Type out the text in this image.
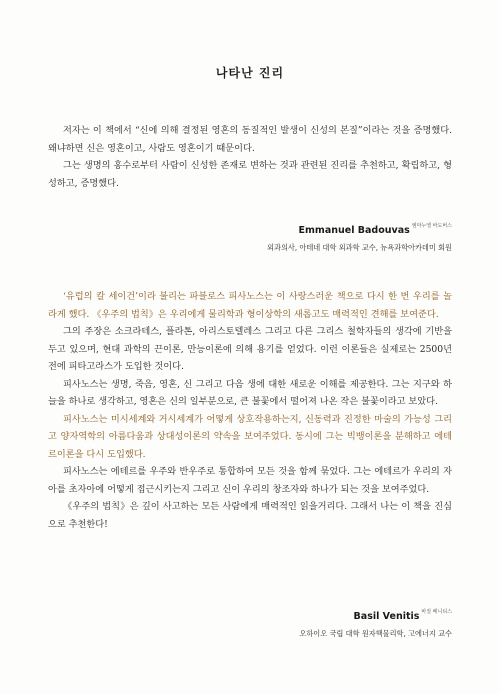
나타난 진리

저자는 이 책에서 “신에 의해 결정된 영혼의 동질적인 발생이 신성의 본질”이라는 것을 증명했다. 왜냐하면 신은 영혼이고, 사람도 영혼이기 때문이다.

그는 생명의 홍수로부터 사람이 신성한 존재로 변하는 것과 관련된 진리를 추천하고, 확립하고, 형성하고, 증명했다.

Emmanuel Badouvas $^{엠마누엘 바도버스}$
외과의사, 아테네 대학 외과학 교수, 뉴욕과학아카데미 회원

‘유럽의 칼 세이건’이라 불리는 파블로스 피사노스는 이 사랑스러운 책으로 다시 한 번 우리를 놀라게 했다. 《우주의 법칙》은 우리에게 물리학과 형이상학의 새롭고도 매력적인 견해를 보여준다.

그의 주장은 소크라테스, 플라톤, 아리스토텔레스 그리고 다른 그리스 철학자들의 생각에 기반을 두고 있으며, 현대 과학의 끈이론, 만능이론에 의해 용기를 얻었다. 이런 이론들은 실제로는 2500년 전에 피타고라스가 도입한 것이다.

피사노스는 생명, 죽음, 영혼, 신 그리고 다음 생에 대한 새로운 이해를 제공한다. 그는 지구와 하늘을 하나로 생각하고, 영혼은 신의 일부분으로, 큰 불꽃에서 떨어져 나온 작은 불꽃이라고 보았다.

피사노스는 미시세계와 거시세계가 어떻게 상호작용하는지, 신동력과 진정한 마술의 가능성 그리고 양자역학의 아름다움과 상대성이론의 약속을 보여주었다. 동시에 그는 빅뱅이론을 분해하고 에테르이론을 다시 도입했다.

피사노스는 에테르를 우주와 반우주로 통합하여 모든 것을 함께 묶었다. 그는 에테르가 우리의 자아를 초자아에 어떻게 접근시키는지 그리고 신이 우리의 창조자와 하나가 되는 것을 보여주었다.

《우주의 법칙》은 깊이 사고하는 모든 사람에게 매력적인 읽을거리다. 그래서 나는 이 책을 진심으로 추천한다!

Basil Venitis $^{바질 베니티스}$
오하이오 국립 대학 원자핵물리학, 고에너지 교수
